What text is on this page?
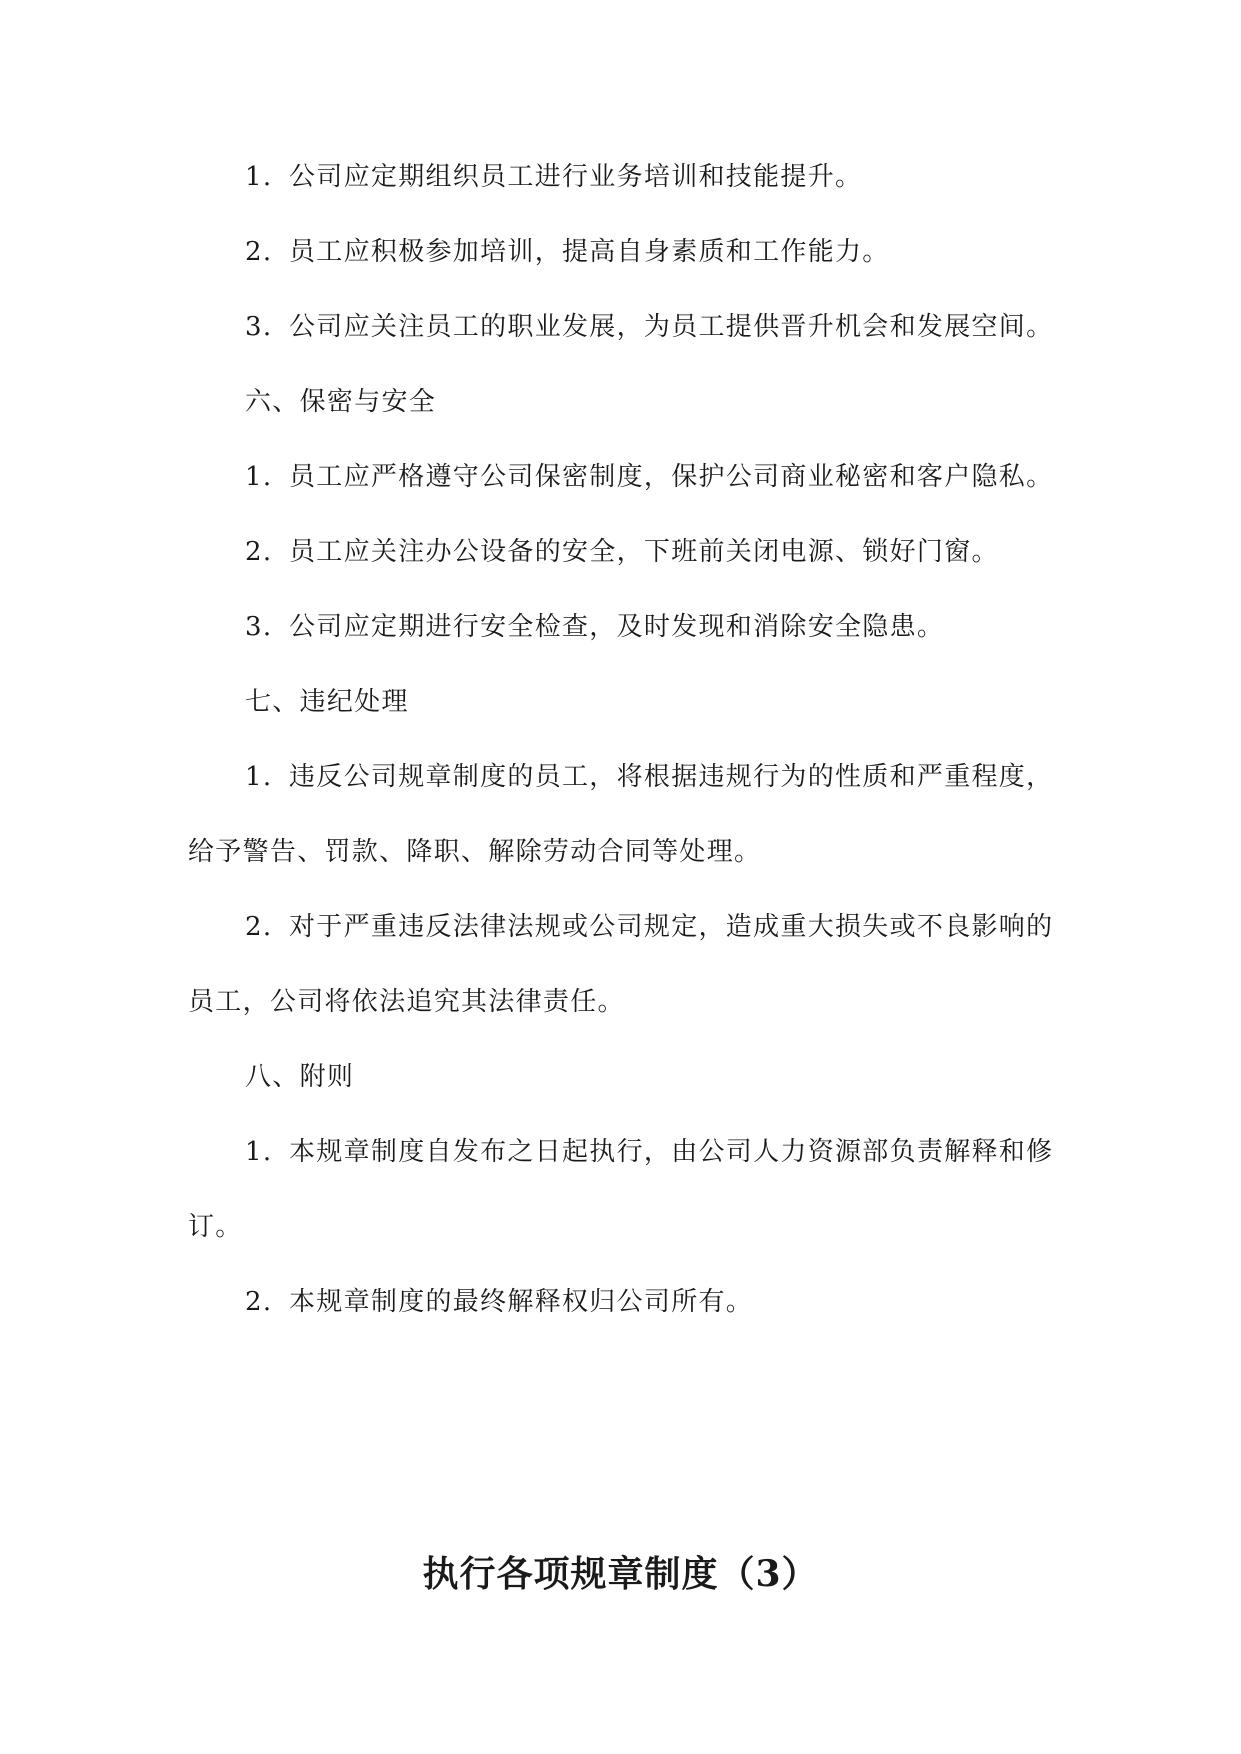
1. 公司应定期组织员工进行业务培训和技能提升。

2. 员工应积极参加培训，提高自身素质和工作能力。

3. 公司应关注员工的职业发展，为员工提供晋升机会和发展空间。

六、保密与安全

1. 员工应严格遵守公司保密制度，保护公司商业秘密和客户隐私。

2. 员工应关注办公设备的安全，下班前关闭电源、锁好门窗。

3. 公司应定期进行安全检查，及时发现和消除安全隐患。

七、违纪处理

1. 违反公司规章制度的员工，将根据违规行为的性质和严重程度，给予警告、罚款、降职、解除劳动合同等处理。

2. 对于严重违反法律法规或公司规定，造成重大损失或不良影响的员工，公司将依法追究其法律责任。

八、附则

1. 本规章制度自发布之日起执行，由公司人力资源部负责解释和修订。

2. 本规章制度的最终解释权归公司所有。

执行各项规章制度（3）
